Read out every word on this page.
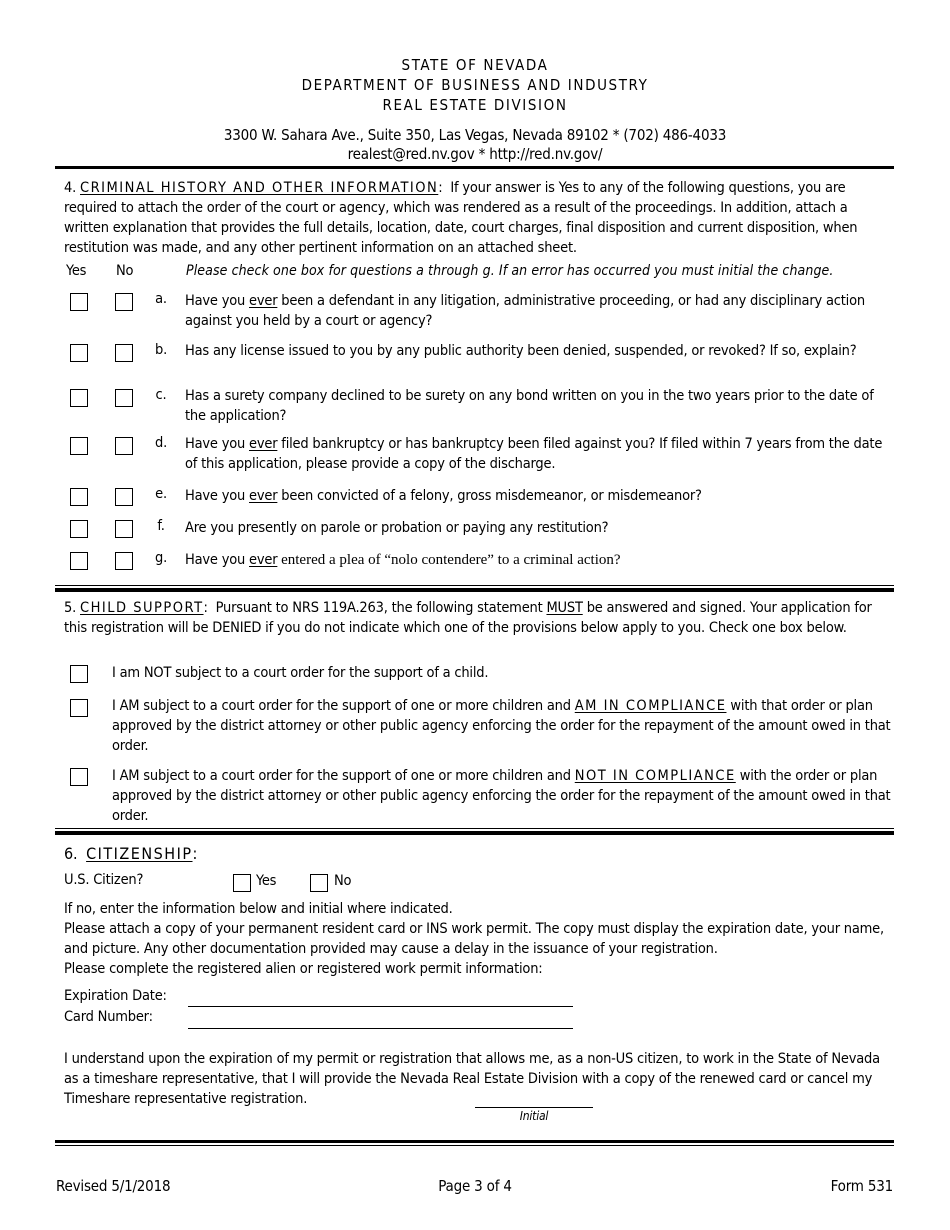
STATE OF NEVADA
DEPARTMENT OF BUSINESS AND INDUSTRY
REAL ESTATE DIVISION
3300 W. Sahara Ave., Suite 350, Las Vegas, Nevada 89102 * (702) 486-4033
realest@red.nv.gov * http://red.nv.gov/
4. CRIMINAL HISTORY AND OTHER INFORMATION: If your answer is Yes to any of the following questions, you are required to attach the order of the court or agency, which was rendered as a result of the proceedings. In addition, attach a written explanation that provides the full details, location, date, court charges, final disposition and current disposition, when restitution was made, and any other pertinent information on an attached sheet.
Yes No	Please check one box for questions a through g. If an error has occurred you must initial the change.
a. Have you ever been a defendant in any litigation, administrative proceeding, or had any disciplinary action against you held by a court or agency?
b. Has any license issued to you by any public authority been denied, suspended, or revoked? If so, explain?
c. Has a surety company declined to be surety on any bond written on you in the two years prior to the date of the application?
d. Have you ever filed bankruptcy or has bankruptcy been filed against you? If filed within 7 years from the date of this application, please provide a copy of the discharge.
e. Have you ever been convicted of a felony, gross misdemeanor, or misdemeanor?
f. Are you presently on parole or probation or paying any restitution?
g. Have you ever entered a plea of “nolo contendere” to a criminal action?
5. CHILD SUPPORT: Pursuant to NRS 119A.263, the following statement MUST be answered and signed. Your application for this registration will be DENIED if you do not indicate which one of the provisions below apply to you. Check one box below.
I am NOT subject to a court order for the support of a child.
I AM subject to a court order for the support of one or more children and AM IN COMPLIANCE with that order or plan approved by the district attorney or other public agency enforcing the order for the repayment of the amount owed in that order.
I AM subject to a court order for the support of one or more children and NOT IN COMPLIANCE with the order or plan approved by the district attorney or other public agency enforcing the order for the repayment of the amount owed in that order.
6. CITIZENSHIP:
U.S. Citizen?	Yes	No
If no, enter the information below and initial where indicated.
Please attach a copy of your permanent resident card or INS work permit. The copy must display the expiration date, your name, and picture. Any other documentation provided may cause a delay in the issuance of your registration.
Please complete the registered alien or registered work permit information:
Expiration Date:
Card Number:
I understand upon the expiration of my permit or registration that allows me, as a non-US citizen, to work in the State of Nevada as a timeshare representative, that I will provide the Nevada Real Estate Division with a copy of the renewed card or cancel my Timeshare representative registration.
Initial
Revised 5/1/2018	Page 3 of 4	Form 531
